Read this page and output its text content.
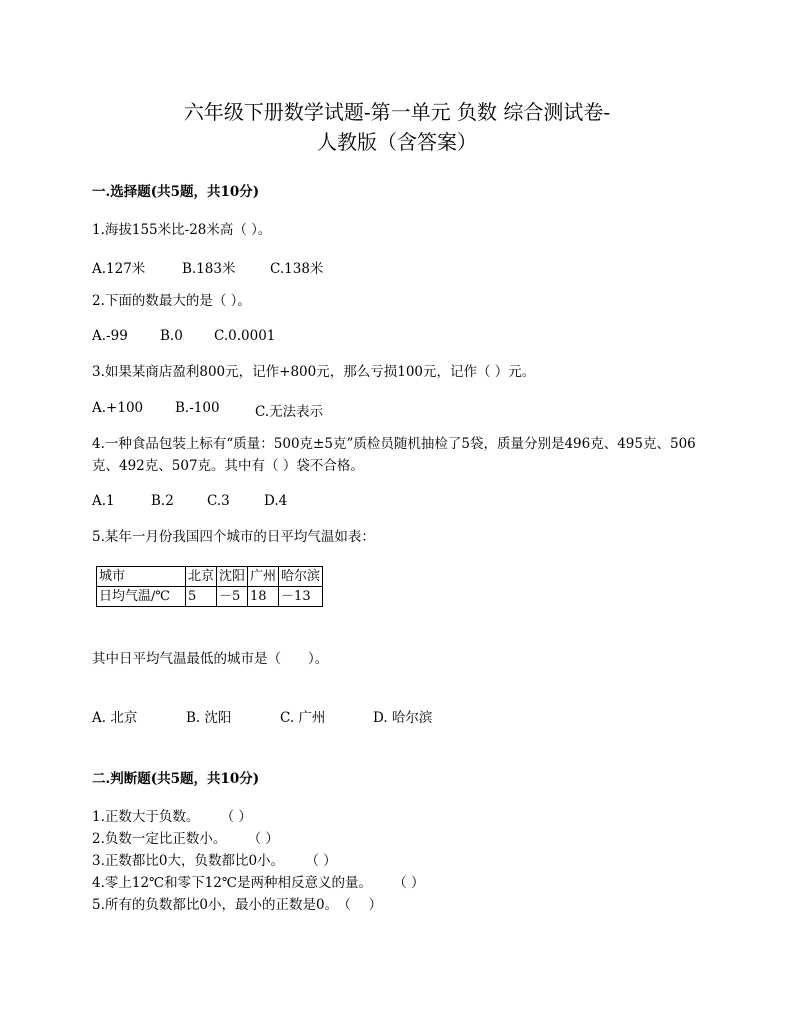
六年级下册数学试题-第一单元 负数 综合测试卷-
人教版（含答案）
一.选择题(共5题，共10分)
1.海拔155米比-28米高（ ）。
A.127米	B.183米	C.138米
2.下面的数最大的是（ ）。
A.-99	B.0	C.0.0001
3.如果某商店盈利800元，记作+800元，那么亏损100元，记作（ ）元。
A.+100	B.-100	C.无法表示
4.一种食品包装上标有“质量：500克±5克”质检员随机抽检了5袋，质量分别是496克、495克、506克、492克、507克。其中有（ ）袋不合格。
A.1	B.2	C.3	D.4
5.某年一月份我国四个城市的日平均气温如表：
城市	北京	沈阳	广州	哈尔滨
日均气温/℃	5	－5	18	－13
其中日平均气温最低的城市是（　　）。
A. 北京	B. 沈阳	C. 广州	D. 哈尔滨
二.判断题(共5题，共10分)
1.正数大于负数。 （ ）
2.负数一定比正数小。 （ ）
3.正数都比0大，负数都比0小。 （ ）
4.零上12℃和零下12℃是两种相反意义的量。 （ ）
5.所有的负数都比0小，最小的正数是0。 （　 ）
